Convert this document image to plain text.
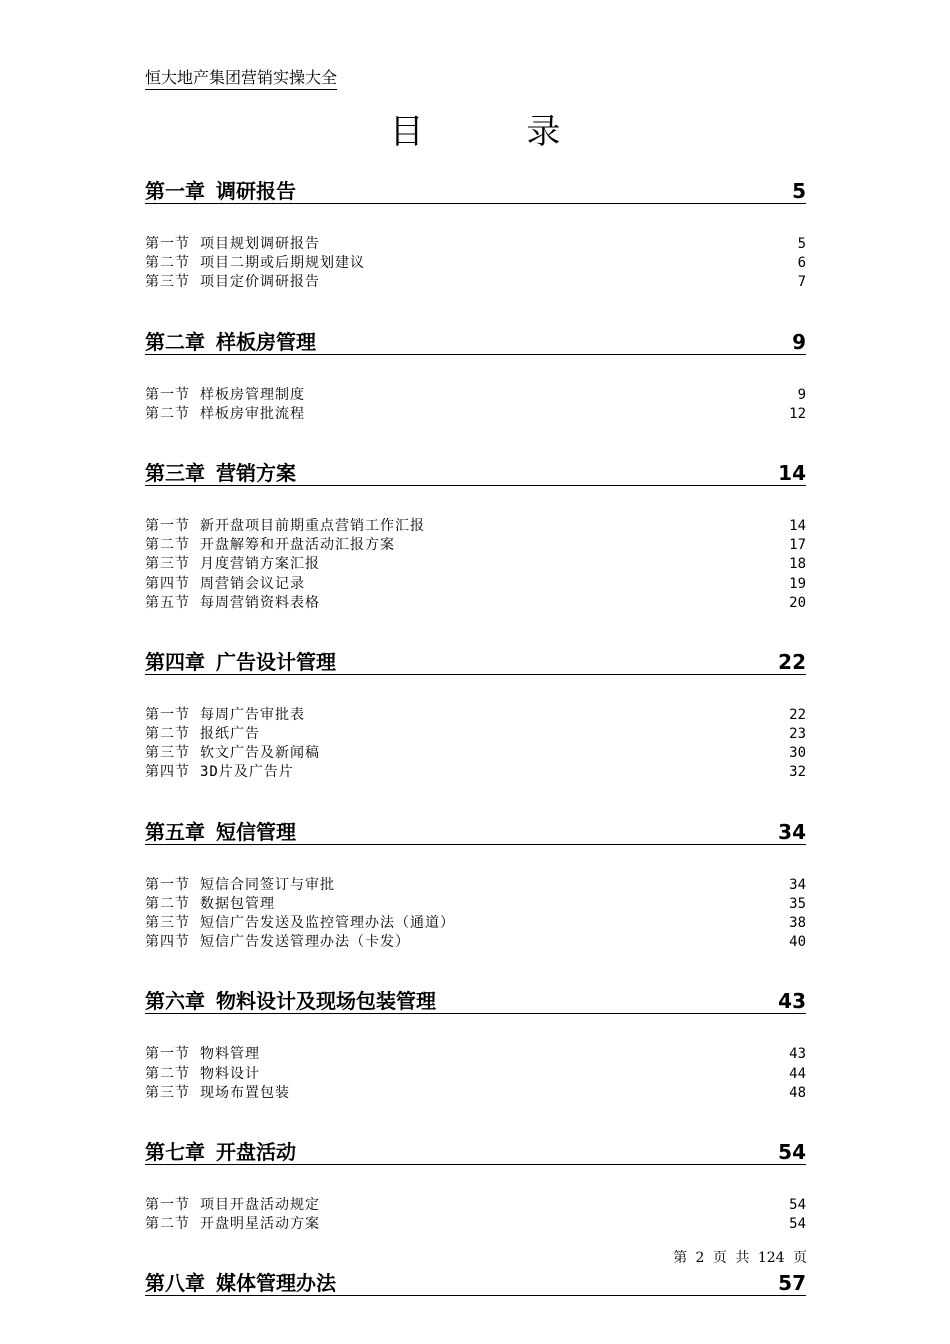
恒大地产集团营销实操大全
目 录
第一章 调研报告	5
第一节 项目规划调研报告	5
第二节 项目二期或后期规划建议	6
第三节 项目定价调研报告	7
第二章 样板房管理	9
第一节 样板房管理制度	9
第二节 样板房审批流程	12
第三章 营销方案	14
第一节 新开盘项目前期重点营销工作汇报	14
第二节 开盘解筹和开盘活动汇报方案	17
第三节 月度营销方案汇报	18
第四节 周营销会议记录	19
第五节 每周营销资料表格	20
第四章 广告设计管理	22
第一节 每周广告审批表	22
第二节 报纸广告	23
第三节 软文广告及新闻稿	30
第四节 3D片及广告片	32
第五章 短信管理	34
第一节 短信合同签订与审批	34
第二节 数据包管理	35
第三节 短信广告发送及监控管理办法（通道）	38
第四节 短信广告发送管理办法（卡发）	40
第六章 物料设计及现场包装管理	43
第一节 物料管理	43
第二节 物料设计	44
第三节 现场布置包装	48
第七章 开盘活动	54
第一节 项目开盘活动规定	54
第二节 开盘明星活动方案	54
第八章 媒体管理办法	57
第 2 页 共 124 页
